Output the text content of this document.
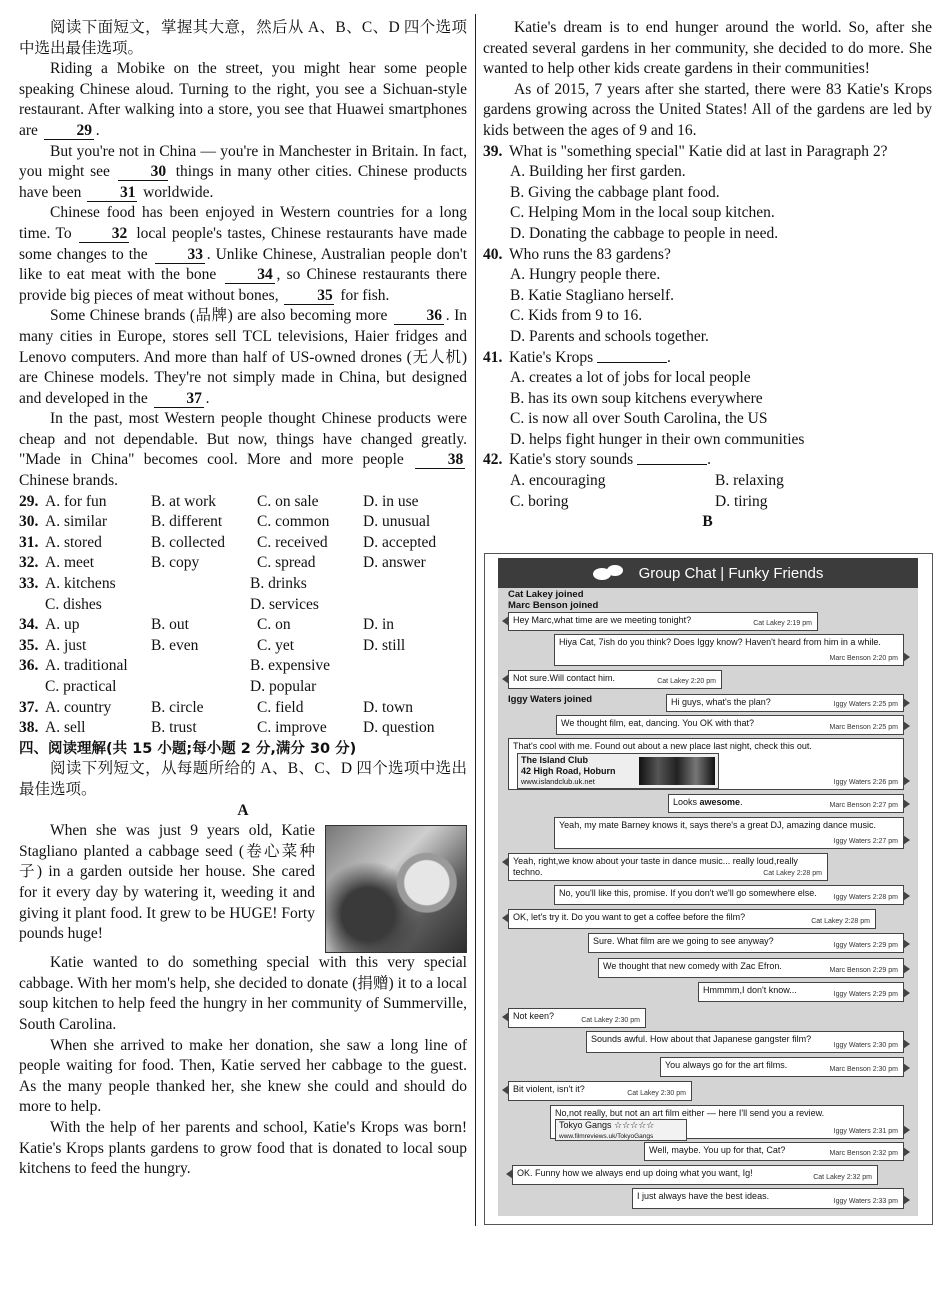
阅读下面短文，掌握其大意，然后从 A、B、C、D 四个选项中选出最佳选项。

Riding a Mobike on the street, you might hear some people speaking Chinese aloud. Turning to the right, you see a Sichuan-style restaurant. After walking into a store, you see that Huawei smartphones are 29 .

But you're not in China — you're in Manchester in Britain. In fact, you might see	30 things in many other cities. Chinese products have been 31 worldwide.

Chinese food has been enjoyed in Western countries for a long time. To	32 local people's tastes, Chinese restaurants have made some changes to the	33 . Unlike Chinese, Australian people don't like to eat meat with the bone	34 , so Chinese restaurants there provide big pieces of meat without bones, 35 for fish.

Some Chinese brands (品牌) are also becoming more	36 . In many cities in Europe, stores sell TCL televisions, Haier fridges and Lenovo computers. And more than half of US-owned drones (无人机) are Chinese models. They're not simply made in China, but designed and developed in the 37 .

In the past, most Western people thought Chinese products were cheap and not dependable. But now, things have changed greatly. "Made in China" becomes cool. More and more people	38 Chinese brands.

29. A. for fun	B. at work	C. on sale	D. in use
30. A. similar	B. different	C. common	D. unusual
31. A. stored	B. collected	C. received	D. accepted
32. A. meet	B. copy	C. spread	D. answer
33. A. kitchens	B. drinks
C. dishes	D. services
34. A. up	B. out	C. on	D. in
35. A. just	B. even	C. yet	D. still
36. A. traditional	B. expensive
C. practical	D. popular
37. A. country	B. circle	C. field	D. town
38. A. sell	B. trust	C. improve	D. question

四、阅读理解(共 15 小题;每小题 2 分,满分 30 分)

阅读下列短文，从每题所给的 A、B、C、D 四个选项中选出最佳选项。

A

When she was just 9 years old, Katie Stagliano planted a cabbage seed (卷心菜种子) in a garden outside her house. She cared for it every day by watering it, weeding it and giving it plant food. It grew to be HUGE! Forty pounds huge!

Katie wanted to do something special with this very special cabbage. With her mom's help, she decided to donate (捐赠) it to a local soup kitchen to help feed the hungry in her community of Summerville, South Carolina.

When she arrived to make her donation, she saw a long line of people waiting for food. Then, Katie served her cabbage to the guest. As the many people thanked her, she knew she could and should do more to help.

With the help of her parents and school, Katie's Krops was born! Katie's Krops plants gardens to grow food that is donated to local soup kitchens to feed the hungry.

Katie's dream is to end hunger around the world. So, after she created several gardens in her community, she decided to do more. She wanted to help other kids create gardens in their communities!

As of 2015, 7 years after she started, there were 83 Katie's Krops gardens growing across the United States! All of the gardens are led by kids between the ages of 9 and 16.

39. What is "something special" Katie did at last in Paragraph 2?
A. Building her first garden.
B. Giving the cabbage plant food.
C. Helping Mom in the local soup kitchen.
D. Donating the cabbage to people in need.
40. Who runs the 83 gardens?
A. Hungry people there.
B. Katie Stagliano herself.
C. Kids from 9 to 16.
D. Parents and schools together.
41. Katie's Krops
	.
A. creates a lot of jobs for local people
B. has its own soup kitchens everywhere
C. is now all over South Carolina, the US
D. helps fight hunger in their own communities
42. Katie's story sounds
	.
A. encouraging	B. relaxing
C. boring	D. tiring

B

Group Chat | Funky Friends
Cat Lakey joined
Marc Benson joined
Hey Marc,what time are we meeting tonight?	Cat Lakey 2:19 pm
Hiya Cat, 7ish do you think? Does Iggy know? Haven't heard from him in a while.
Marc Benson 2:20 pm
Not sure.Will contact him.	Cat Lakey 2:20 pm
Iggy Waters joined	Hi guys, what's the plan?	Iggy Waters 2:25 pm
We thought film, eat, dancing. You OK with that?	Marc Benson 2:25 pm
That's cool with me. Found out about a new place last night, check this out.
The Island Club
42 High Road, Hoburn
www.islandclub.uk.net	Iggy Waters 2:26 pm
Looks awesome.	Marc Benson 2:27 pm
Yeah, my mate Barney knows it, says there's a great DJ, amazing dance music.
Iggy Waters 2:27 pm
Yeah, right,we know about your taste in dance music... really loud,really techno.	Cat Lakey 2:28 pm
No, you'll like this, promise. If you don't we'll go somewhere else. Iggy Waters 2:28 pm
OK, let's try it. Do you want to get a coffee before the film?	Cat Lakey 2:28 pm
Sure. What film are we going to see anyway?	Iggy Waters 2:29 pm
We thought that new comedy with Zac Efron.	Marc Benson 2:29 pm
Hmmmm,I don't know...	Iggy Waters 2:29 pm
Not keen?	Cat Lakey 2:30 pm
Sounds awful. How about that Japanese gangster film?
Iggy Waters 2:30 pm
You always go for the art films.	Marc Benson 2:30 pm
Bit violent, isn't it?	Cat Lakey 2:30 pm
No,not really, but not an art film either — here I'll send you a review.
Tokyo Gangs ☆☆☆☆☆
www.filmreviews.uk/TokyoGangs
Iggy Waters 2:31 pm
Well, maybe. You up for that, Cat?	Marc Benson 2:32 pm
OK. Funny how we always end up doing what you want, Ig!	Cat Lakey 2:32 pm
I just always have the best ideas.
Iggy Waters 2:33 pm
